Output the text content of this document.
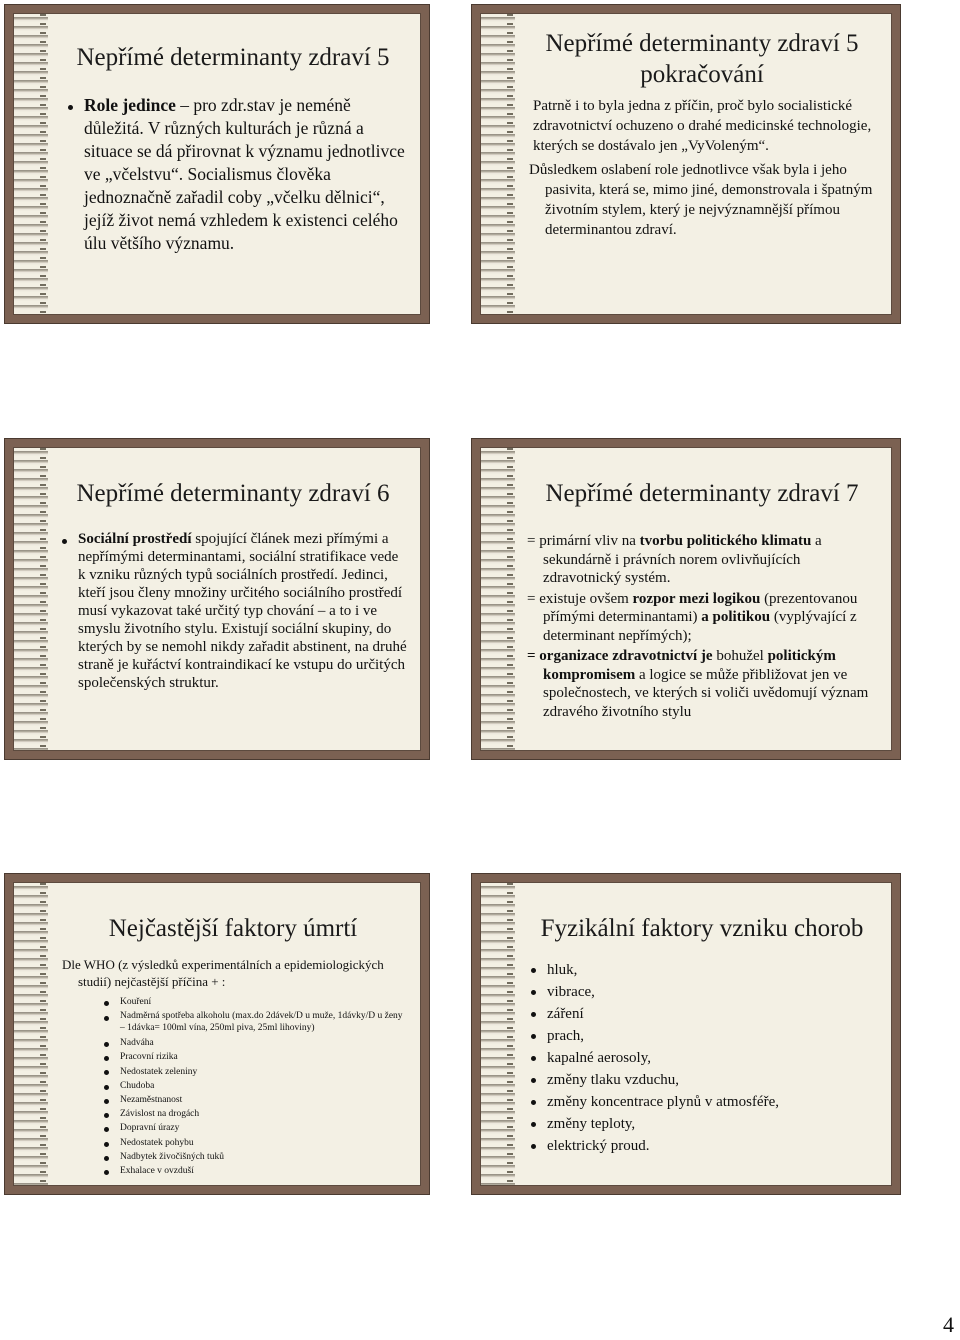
Nepřímé determinanty zdraví 5
Role jedince – pro zdr.stav je neméně důležitá. V různých kulturách je různá a situace se dá přirovnat k významu jednotlivce ve „včelstvu“. Socialismus člověka jednoznačně zařadil coby „včelku dělnici“, jejíž život nemá vzhledem k existenci celého úlu většího významu.
Nepřímé determinanty zdraví 5
pokračování
Patrně i to byla jedna z příčin, proč bylo socialistické zdravotnictví ochuzeno o drahé medicinské technologie, kterých se dostávalo jen „VyVoleným“.
Důsledkem oslabení role jednotlivce však byla i jeho pasivita, která se, mimo jiné, demonstrovala i špatným životním stylem, který je nejvýznamnější přímou determinantou zdraví.
Nepřímé determinanty zdraví 6
Sociální prostředí spojující článek mezi přímými a nepřímými determinantami, sociální stratifikace vede k vzniku různých typů sociálních prostředí. Jedinci, kteří jsou členy množiny určitého sociálního prostředí musí vykazovat také určitý typ chování – a to i ve smyslu životního stylu. Existují sociální skupiny, do kterých by se nemohl nikdy zařadit abstinent, na druhé straně je kuřáctví kontraindikací ke vstupu do určitých společenských struktur.
Nepřímé determinanty zdraví 7
= primární vliv na tvorbu politického klimatu a sekundárně i právních norem ovlivňujících zdravotnický systém.
= existuje ovšem rozpor mezi logikou (prezentovanou přímými determinantami) a politikou (vyplývající z determinant nepřímých);
= organizace zdravotnictví je bohužel politickým kompromisem a logice se může přibližovat jen ve společnostech, ve kterých si voliči uvědomují význam zdravého životního stylu
Nejčastější faktory úmrtí
Dle WHO (z výsledků experimentálních a epidemiologických studií) nejčastější příčina + :
Kouření
Nadměrná spotřeba alkoholu (max.do 2dávek/D u muže, 1dávky/D u ženy – 1dávka= 100ml vína, 250ml piva, 25ml lihoviny)
Nadváha
Pracovní rizika
Nedostatek zeleniny
Chudoba
Nezaměstnanost
Závislost na drogách
Dopravní úrazy
Nedostatek pohybu
Nadbytek živočišných tuků
Exhalace v ovzduší
Fyzikální faktory vzniku chorob
hluk,
vibrace,
záření
prach,
kapalné aerosoly,
změny tlaku vzduchu,
změny koncentrace plynů v atmosféře,
změny teploty,
elektrický proud.
4
